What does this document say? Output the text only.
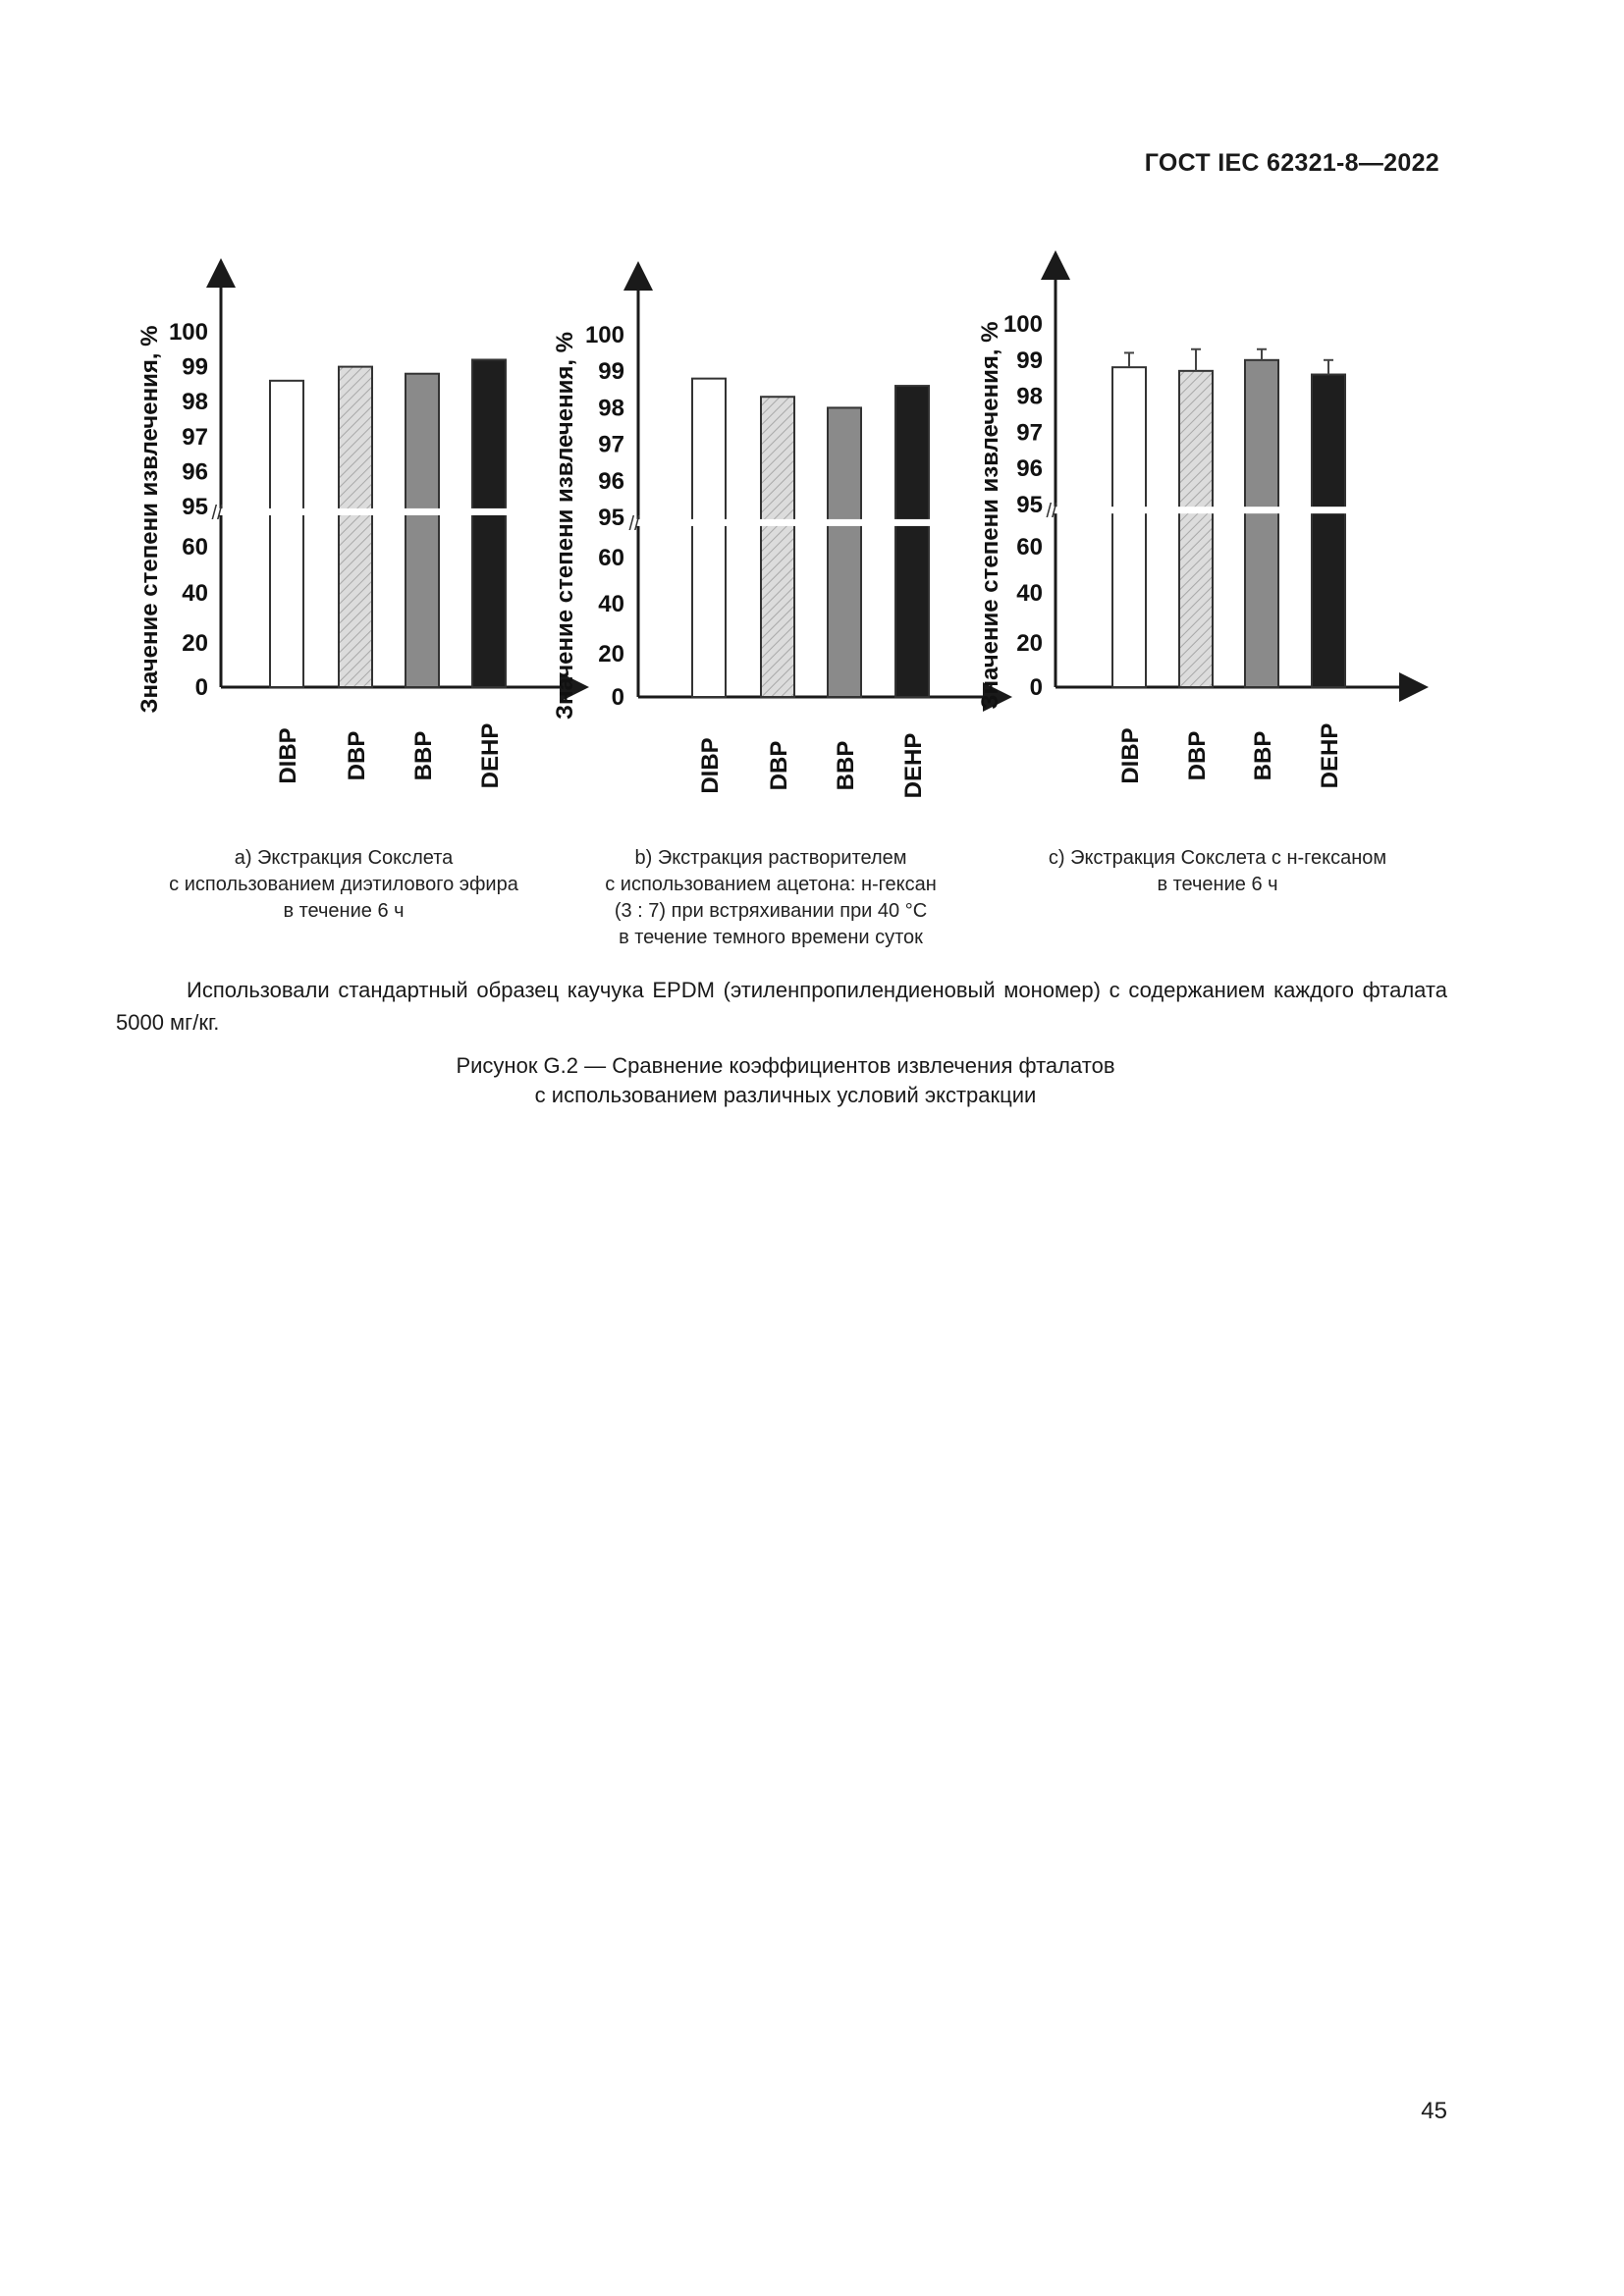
ГОСТ IEC 62321-8—2022
//
100
99
98
97
96
95
60
40
20
0
Значение степени извлечения, %
DIBP DBP BBP DEHP
//
100
99
98
97
96
95
60
40
20
0
Значение степени извлечения, %
DIBP DBP BBP DEHP
//
100
99
98
97
96
95
60
40
20
0
Значение степени извлечения, %
DIBP DBP BBP DEHP
а) Экстракция Сокслета
с использованием диэтилового эфира
в течение 6 ч
b) Экстракция растворителем
с использованием ацетона: н-гексан
(3 : 7) при встряхивании при 40 °С
в течение темного времени суток
с) Экстракция Сокслета с н-гексаном
в течение 6 ч
Использовали стандартный образец каучука EPDM (этиленпропилендиеновый мономер) с содержанием каждого фталата 5000 мг/кг.
Рисунок G.2 — Сравнение коэффициентов извлечения фталатов
с использованием различных условий экстракции
45
